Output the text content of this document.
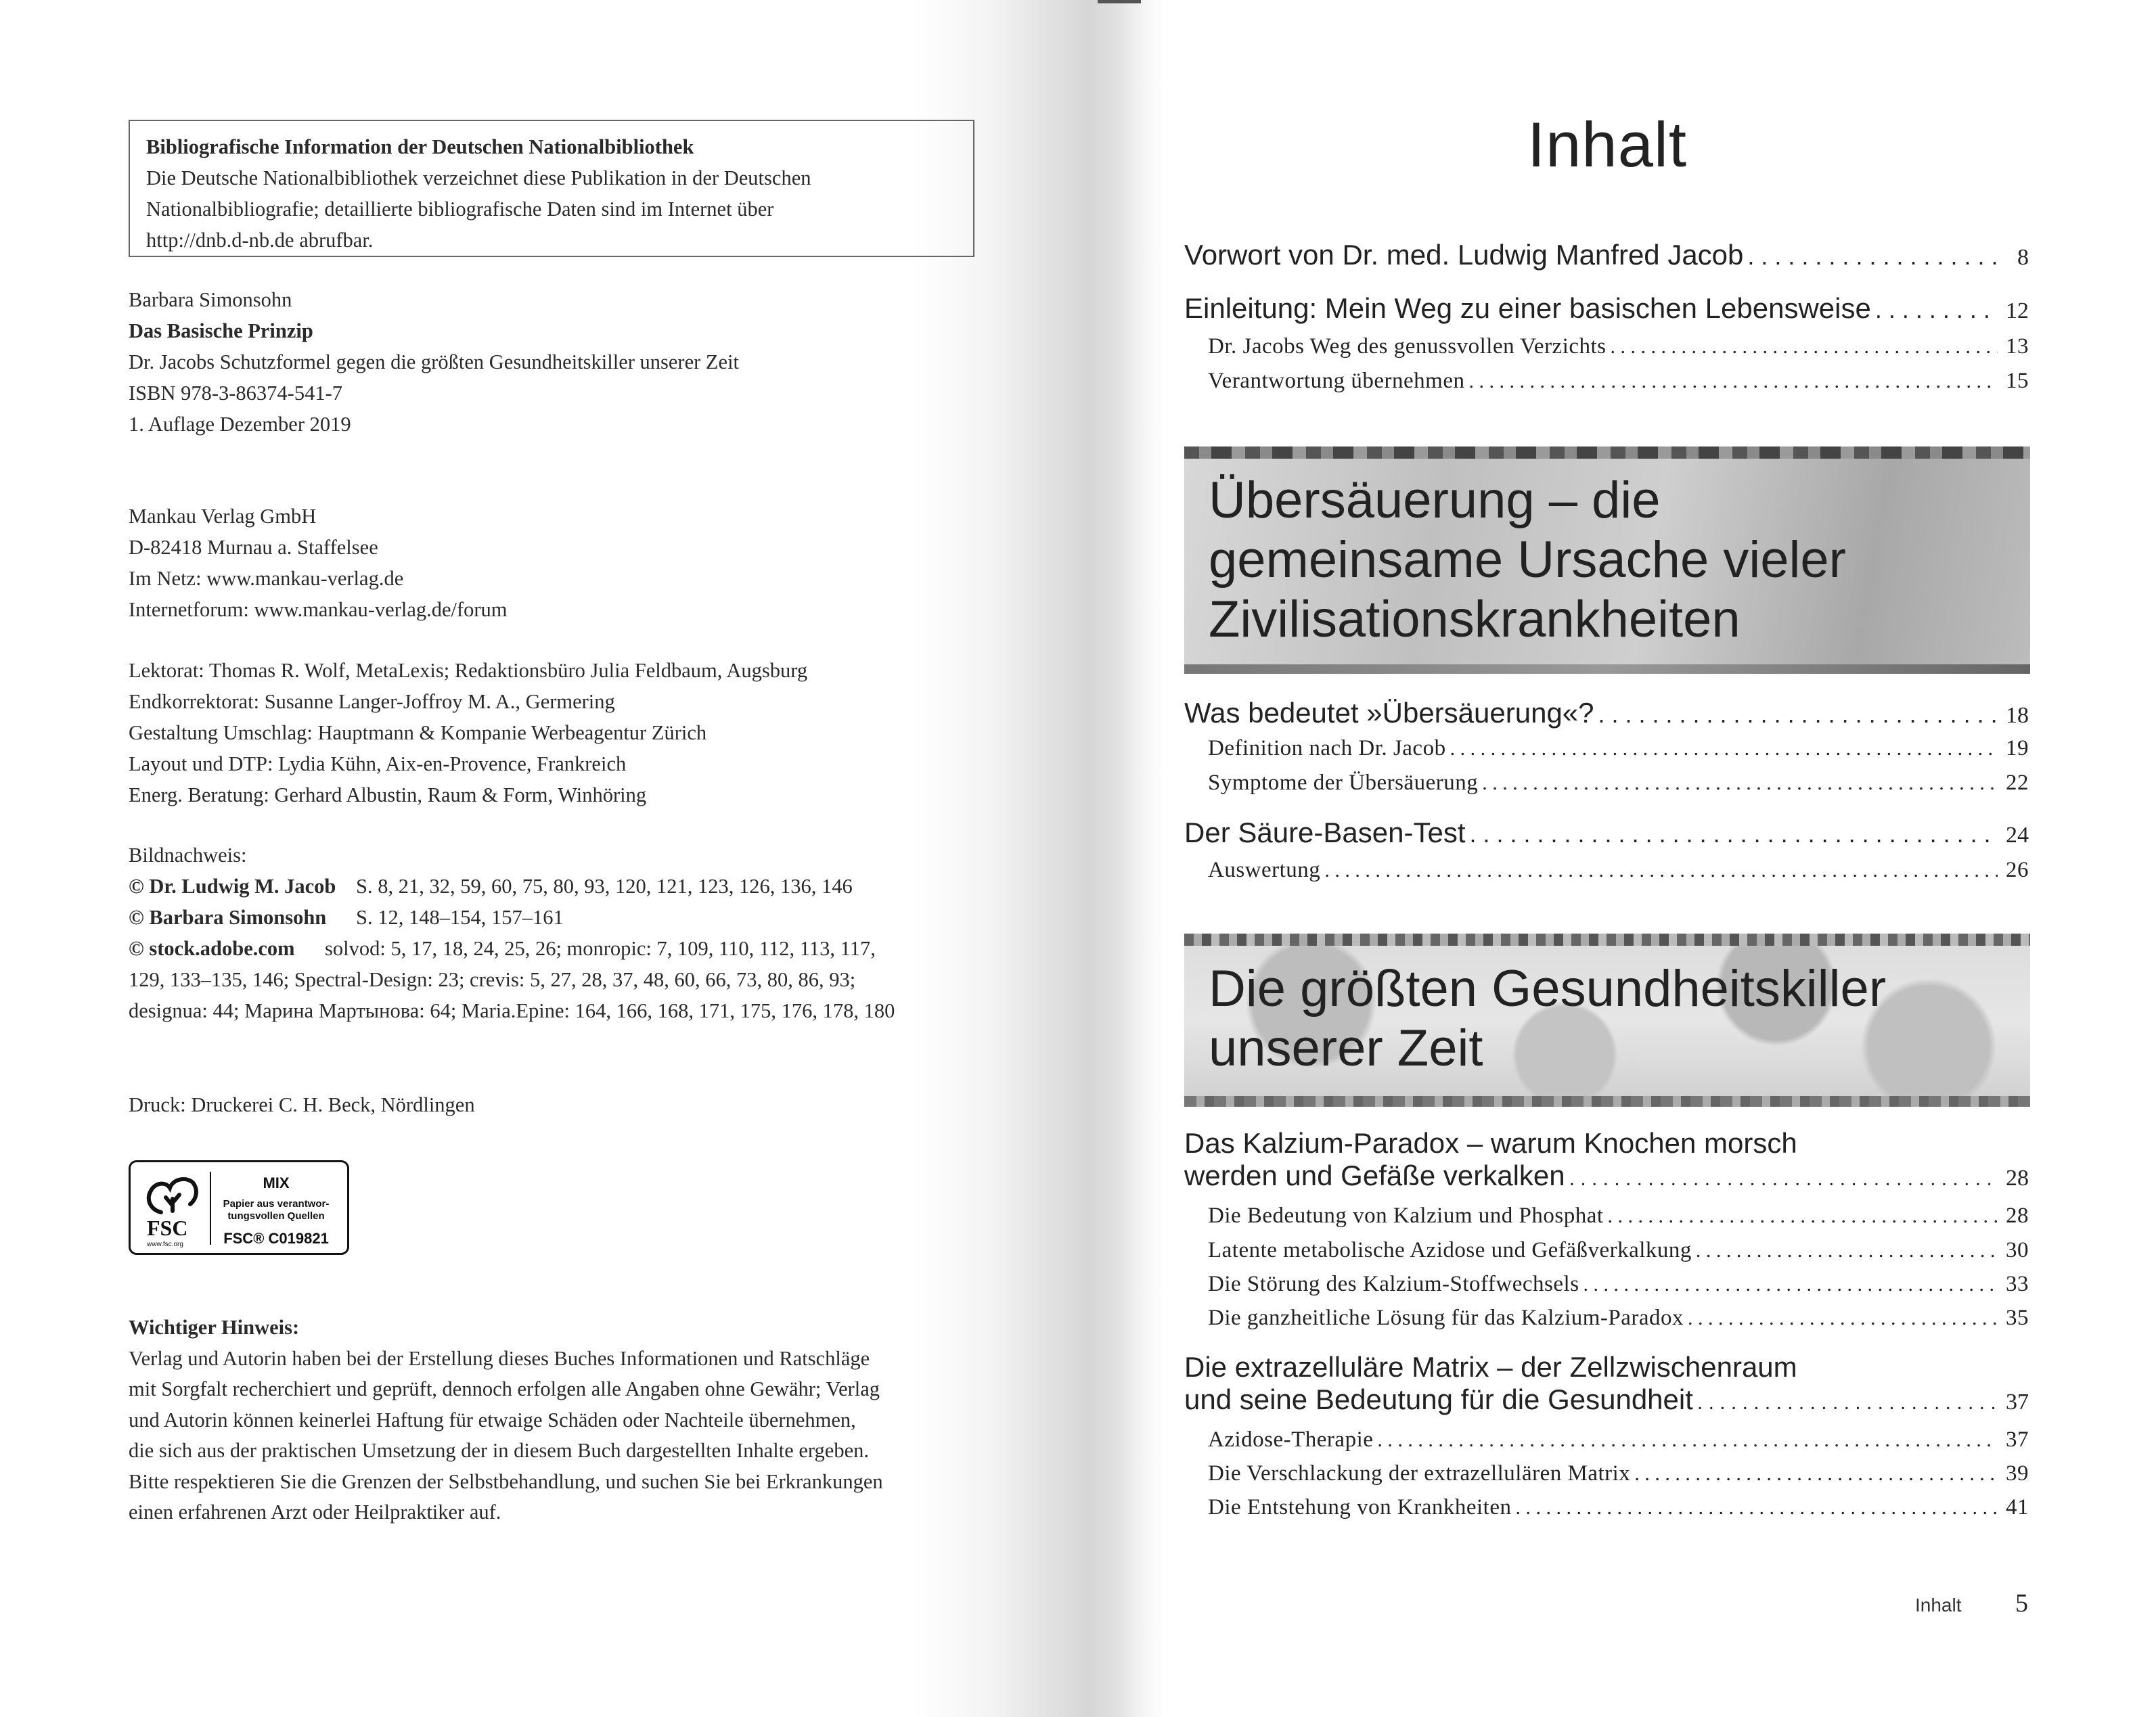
Bibliografische Information der Deutschen Nationalbibliothek
Die Deutsche Nationalbibliothek verzeichnet diese Publikation in der Deutschen
Nationalbibliografie; detaillierte bibliografische Daten sind im Internet über
http://dnb.d-nb.de abrufbar.
Barbara Simonsohn
Das Basische Prinzip
Dr. Jacobs Schutzformel gegen die größten Gesundheitskiller unserer Zeit
ISBN 978-3-86374-541-7
1. Auflage Dezember 2019
Mankau Verlag GmbH
D-82418 Murnau a. Staffelsee
Im Netz: www.mankau-verlag.de
Internetforum: www.mankau-verlag.de/forum
Lektorat: Thomas R. Wolf, MetaLexis; Redaktionsbüro Julia Feldbaum, Augsburg
Endkorrektorat: Susanne Langer-Joffroy M. A., Germering
Gestaltung Umschlag: Hauptmann & Kompanie Werbeagentur Zürich
Layout und DTP: Lydia Kühn, Aix-en-Provence, Frankreich
Energ. Beratung: Gerhard Albustin, Raum & Form, Winhöring
Bildnachweis:
© Dr. Ludwig M. Jacob S. 8, 21, 32, 59, 60, 75, 80, 93, 120, 121, 123, 126, 136, 146
© Barbara Simonsohn S. 12, 148–154, 157–161
© stock.adobe.com solvod: 5, 17, 18, 24, 25, 26; monropic: 7, 109, 110, 112, 113, 117,
129, 133–135, 146; Spectral-Design: 23; crevis: 5, 27, 28, 37, 48, 60, 66, 73, 80, 86, 93;
designua: 44; Марина Мартынова: 64; Maria.Epine: 164, 166, 168, 171, 175, 176, 178, 180
Druck: Druckerei C. H. Beck, Nördlingen
FSC
www.fsc.org
MIX
Papier aus verantwor-
tungsvollen Quellen
FSC® C019821
Wichtiger Hinweis:
Verlag und Autorin haben bei der Erstellung dieses Buches Informationen und Ratschläge
mit Sorgfalt recherchiert und geprüft, dennoch erfolgen alle Angaben ohne Gewähr; Verlag
und Autorin können keinerlei Haftung für etwaige Schäden oder Nachteile übernehmen,
die sich aus der praktischen Umsetzung der in diesem Buch dargestellten Inhalte ergeben.
Bitte respektieren Sie die Grenzen der Selbstbehandlung, und suchen Sie bei Erkrankungen
einen erfahrenen Arzt oder Heilpraktiker auf.
Inhalt
Vorwort von Dr. med. Ludwig Manfred Jacob . . .	8
Einleitung: Mein Weg zu einer basischen Lebensweise . . .	12
Dr. Jacobs Weg des genussvollen Verzichts . . .	13
Verantwortung übernehmen . . .	15
Übersäuerung – die
gemeinsame Ursache vieler
Zivilisationskrankheiten
Was bedeutet »Übersäuerung«? . . .	18
Definition nach Dr. Jacob . . .	19
Symptome der Übersäuerung . . .	22
Der Säure-Basen-Test . . .	24
Auswertung . . .	26
Die größten Gesundheitskiller
unserer Zeit
Das Kalzium-Paradox – warum Knochen morsch
werden und Gefäße verkalken . . .	28
Die Bedeutung von Kalzium und Phosphat . . .	28
Latente metabolische Azidose und Gefäßverkalkung . . .	30
Die Störung des Kalzium-Stoffwechsels . . .	33
Die ganzheitliche Lösung für das Kalzium-Paradox . . .	35
Die extrazelluläre Matrix – der Zellzwischenraum
und seine Bedeutung für die Gesundheit . . .	37
Azidose-Therapie . . .	37
Die Verschlackung der extrazellulären Matrix . . .	39
Die Entstehung von Krankheiten . . .	41
Inhalt 5
